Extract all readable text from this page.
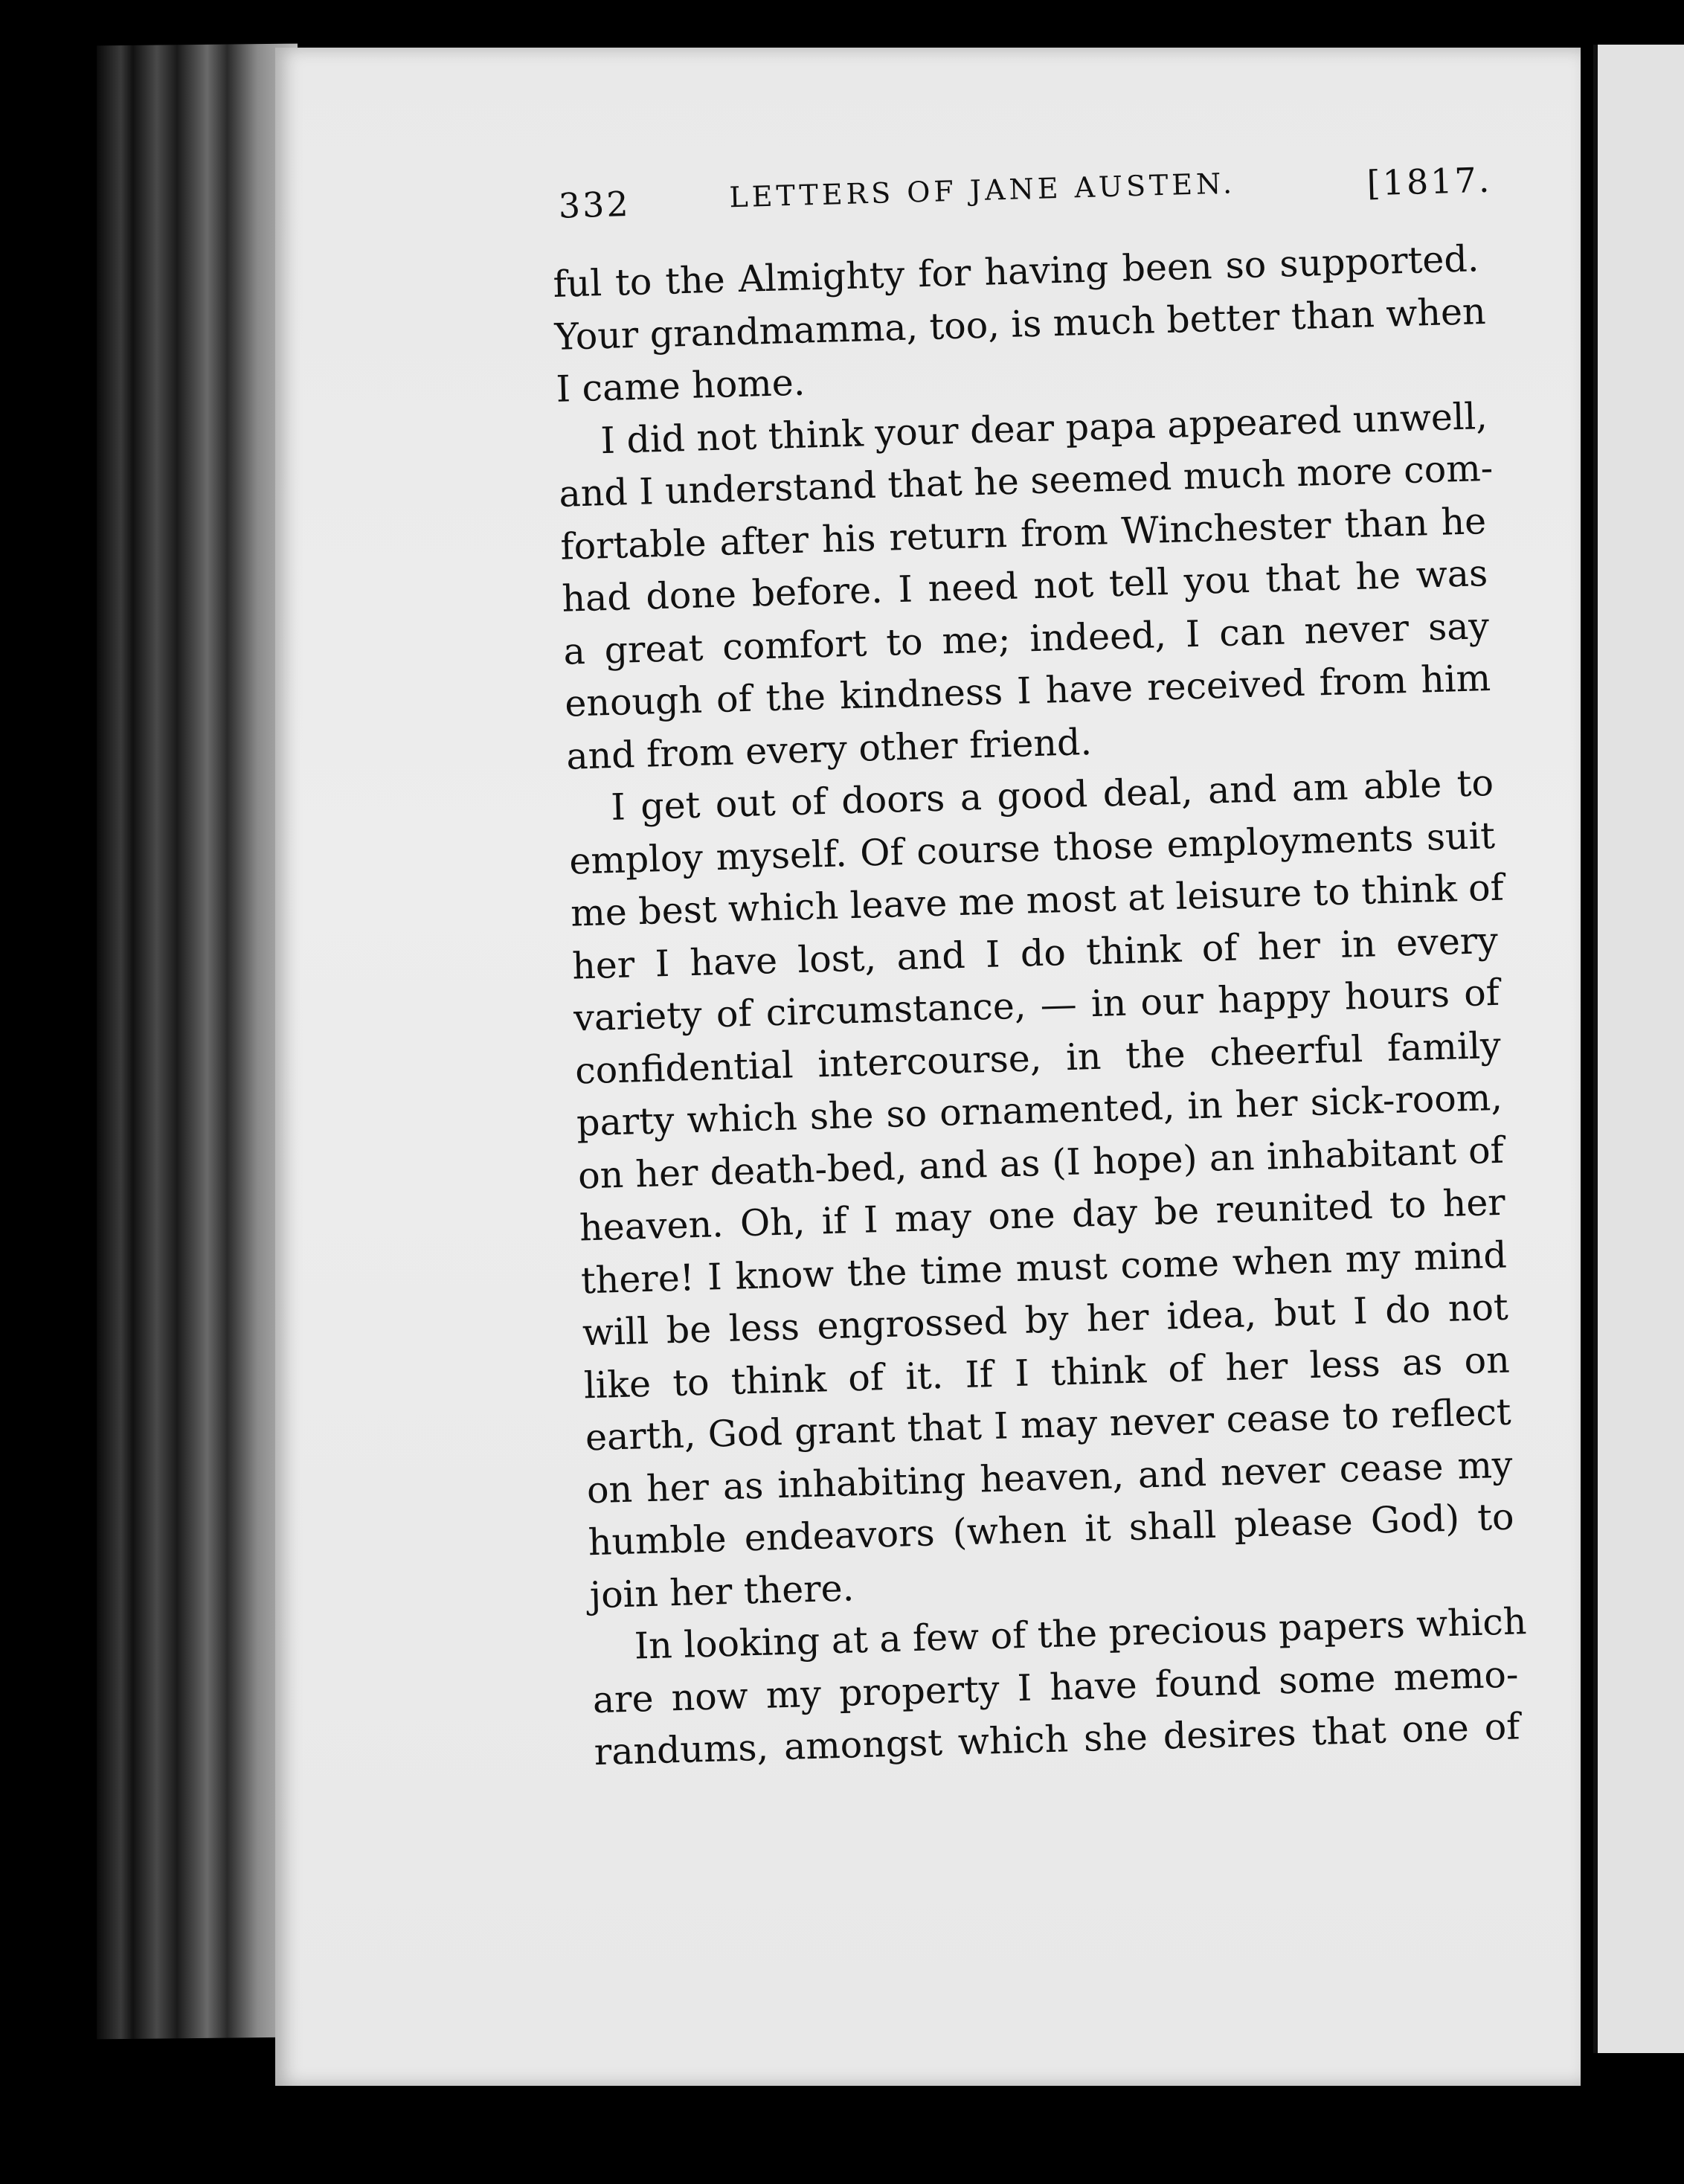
332	LETTERS OF JANE AUSTEN.	[1817.

ful to the Almighty for having been so supported.
Your grandmamma, too, is much better than when
I came home.

I did not think your dear papa appeared unwell,
and I understand that he seemed much more com-
fortable after his return from Winchester than he
had done before. I need not tell you that he was
a great comfort to me; indeed, I can never say
enough of the kindness I have received from him
and from every other friend.

I get out of doors a good deal, and am able to
employ myself. Of course those employments suit
me best which leave me most at leisure to think of
her I have lost, and I do think of her in every
variety of circumstance, — in our happy hours of
confidential intercourse, in the cheerful family
party which she so ornamented, in her sick-room,
on her death-bed, and as (I hope) an inhabitant of
heaven. Oh, if I may one day be reunited to her
there! I know the time must come when my mind
will be less engrossed by her idea, but I do not
like to think of it. If I think of her less as on
earth, God grant that I may never cease to reflect
on her as inhabiting heaven, and never cease my
humble endeavors (when it shall please God) to
join her there.

In looking at a few of the precious papers which
are now my property I have found some memo-
randums, amongst which she desires that one of
